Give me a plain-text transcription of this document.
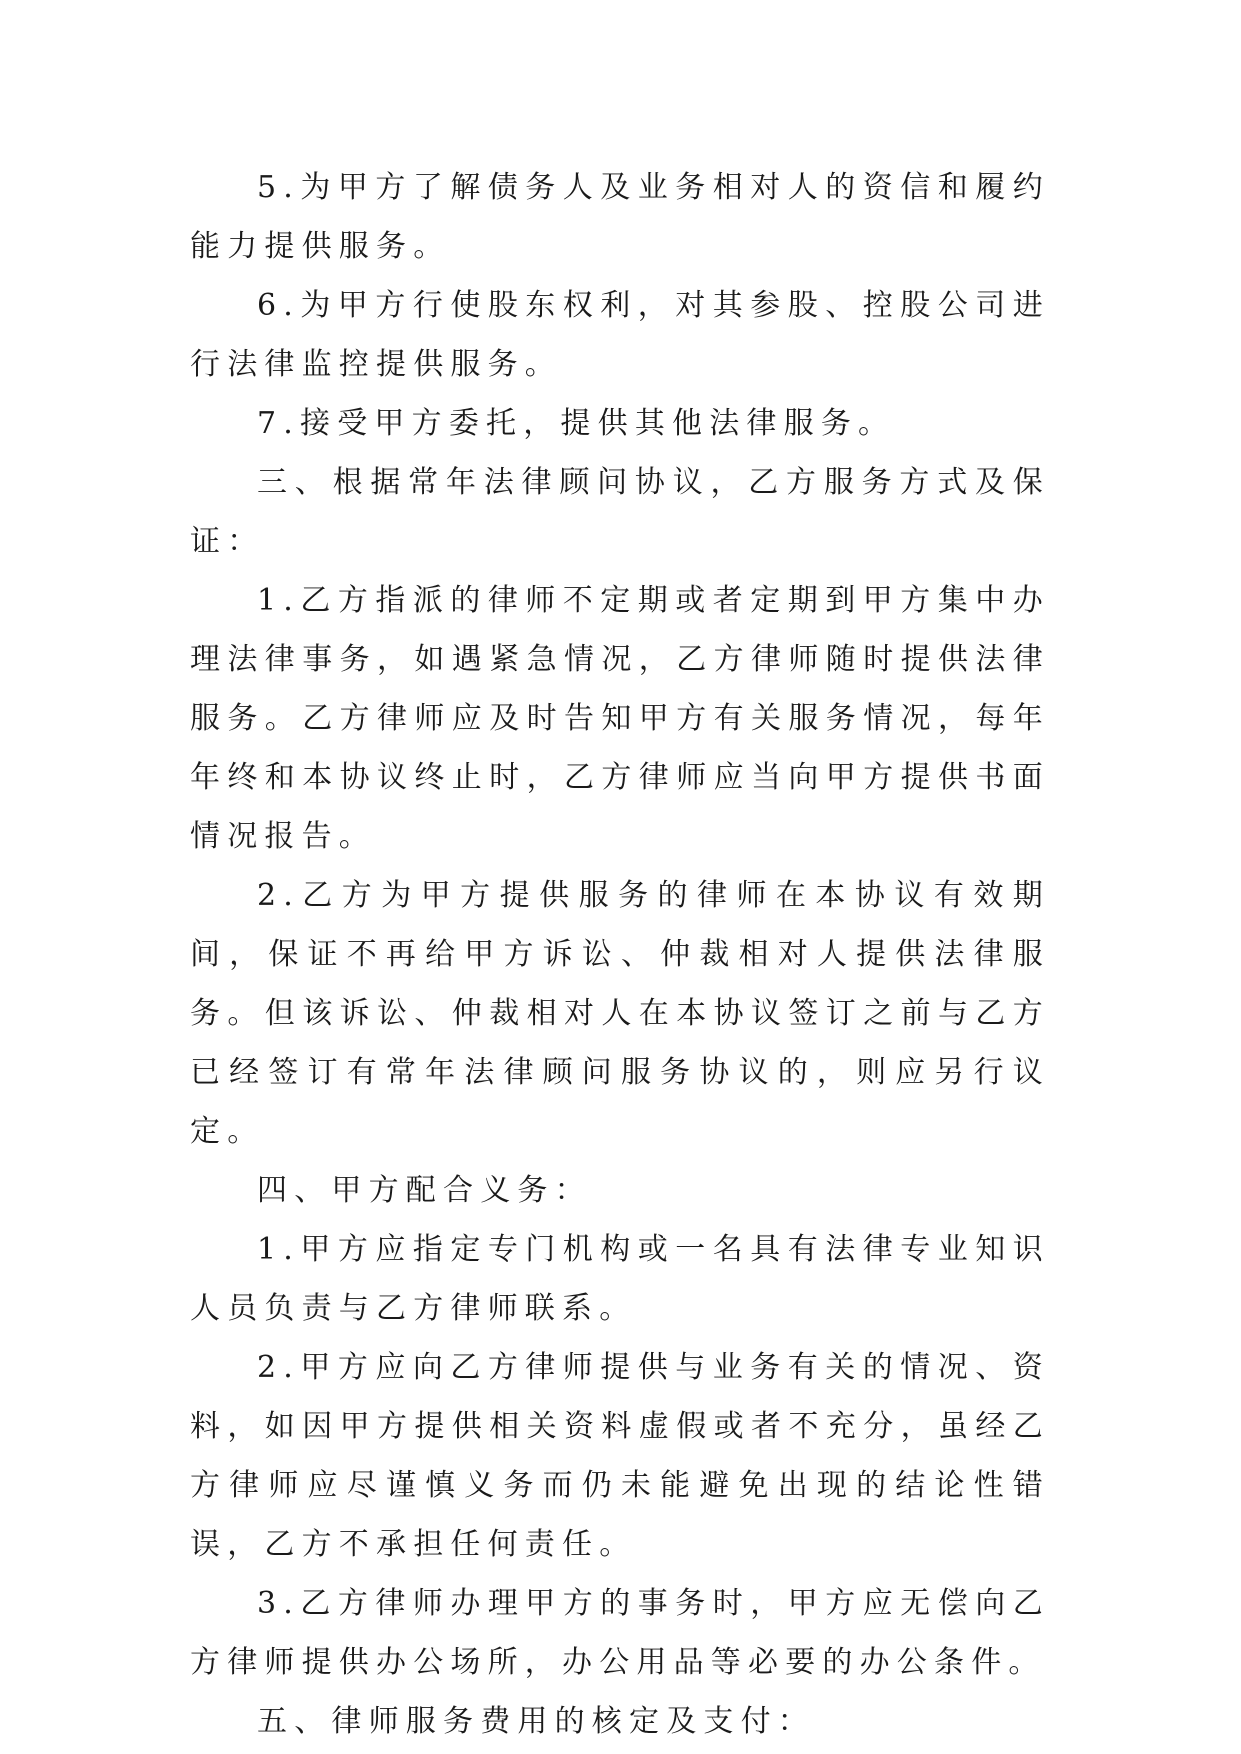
5.为甲方了解债务人及业务相对人的资信和履约能力提供服务。

6.为甲方行使股东权利，对其参股、控股公司进行法律监控提供服务。

7.接受甲方委托，提供其他法律服务。

三、根据常年法律顾问协议，乙方服务方式及保证：

1.乙方指派的律师不定期或者定期到甲方集中办理法律事务，如遇紧急情况，乙方律师随时提供法律服务。乙方律师应及时告知甲方有关服务情况，每年年终和本协议终止时，乙方律师应当向甲方提供书面情况报告。

2.乙方为甲方提供服务的律师在本协议有效期间，保证不再给甲方诉讼、仲裁相对人提供法律服务。但该诉讼、仲裁相对人在本协议签订之前与乙方已经签订有常年法律顾问服务协议的，则应另行议定。

四、甲方配合义务：

1.甲方应指定专门机构或一名具有法律专业知识人员负责与乙方律师联系。

2.甲方应向乙方律师提供与业务有关的情况、资料，如因甲方提供相关资料虚假或者不充分，虽经乙方律师应尽谨慎义务而仍未能避免出现的结论性错误，乙方不承担任何责任。

3.乙方律师办理甲方的事务时，甲方应无偿向乙方律师提供办公场所，办公用品等必要的办公条件。

五、律师服务费用的核定及支付：
